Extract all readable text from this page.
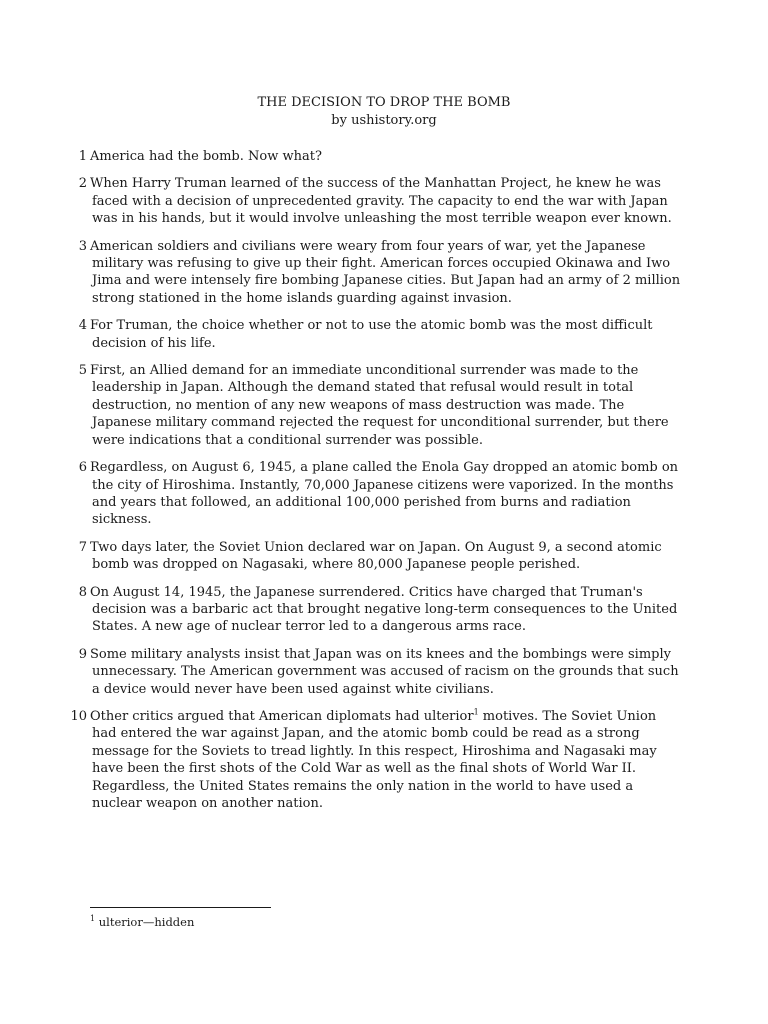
THE DECISION TO DROP THE BOMB
by ushistory.org
1 America had the bomb. Now what?
2 When Harry Truman learned of the success of the Manhattan Project, he knew he was faced with a decision of unprecedented gravity. The capacity to end the war with Japan was in his hands, but it would involve unleashing the most terrible weapon ever known.
3 American soldiers and civilians were weary from four years of war, yet the Japanese military was refusing to give up their fight. American forces occupied Okinawa and Iwo Jima and were intensely fire bombing Japanese cities. But Japan had an army of 2 million strong stationed in the home islands guarding against invasion.
4 For Truman, the choice whether or not to use the atomic bomb was the most difficult decision of his life.
5 First, an Allied demand for an immediate unconditional surrender was made to the leadership in Japan. Although the demand stated that refusal would result in total destruction, no mention of any new weapons of mass destruction was made. The Japanese military command rejected the request for unconditional surrender, but there were indications that a conditional surrender was possible.
6 Regardless, on August 6, 1945, a plane called the Enola Gay dropped an atomic bomb on the city of Hiroshima. Instantly, 70,000 Japanese citizens were vaporized. In the months and years that followed, an additional 100,000 perished from burns and radiation sickness.
7 Two days later, the Soviet Union declared war on Japan. On August 9, a second atomic bomb was dropped on Nagasaki, where 80,000 Japanese people perished.
8 On August 14, 1945, the Japanese surrendered. Critics have charged that Truman's decision was a barbaric act that brought negative long-term consequences to the United States. A new age of nuclear terror led to a dangerous arms race.
9 Some military analysts insist that Japan was on its knees and the bombings were simply unnecessary. The American government was accused of racism on the grounds that such a device would never have been used against white civilians.
10 Other critics argued that American diplomats had ulterior$^1$ motives. The Soviet Union had entered the war against Japan, and the atomic bomb could be read as a strong message for the Soviets to tread lightly. In this respect, Hiroshima and Nagasaki may have been the first shots of the Cold War as well as the final shots of World War II. Regardless, the United States remains the only nation in the world to have used a nuclear weapon on another nation.
$^1$ ulterior—hidden
